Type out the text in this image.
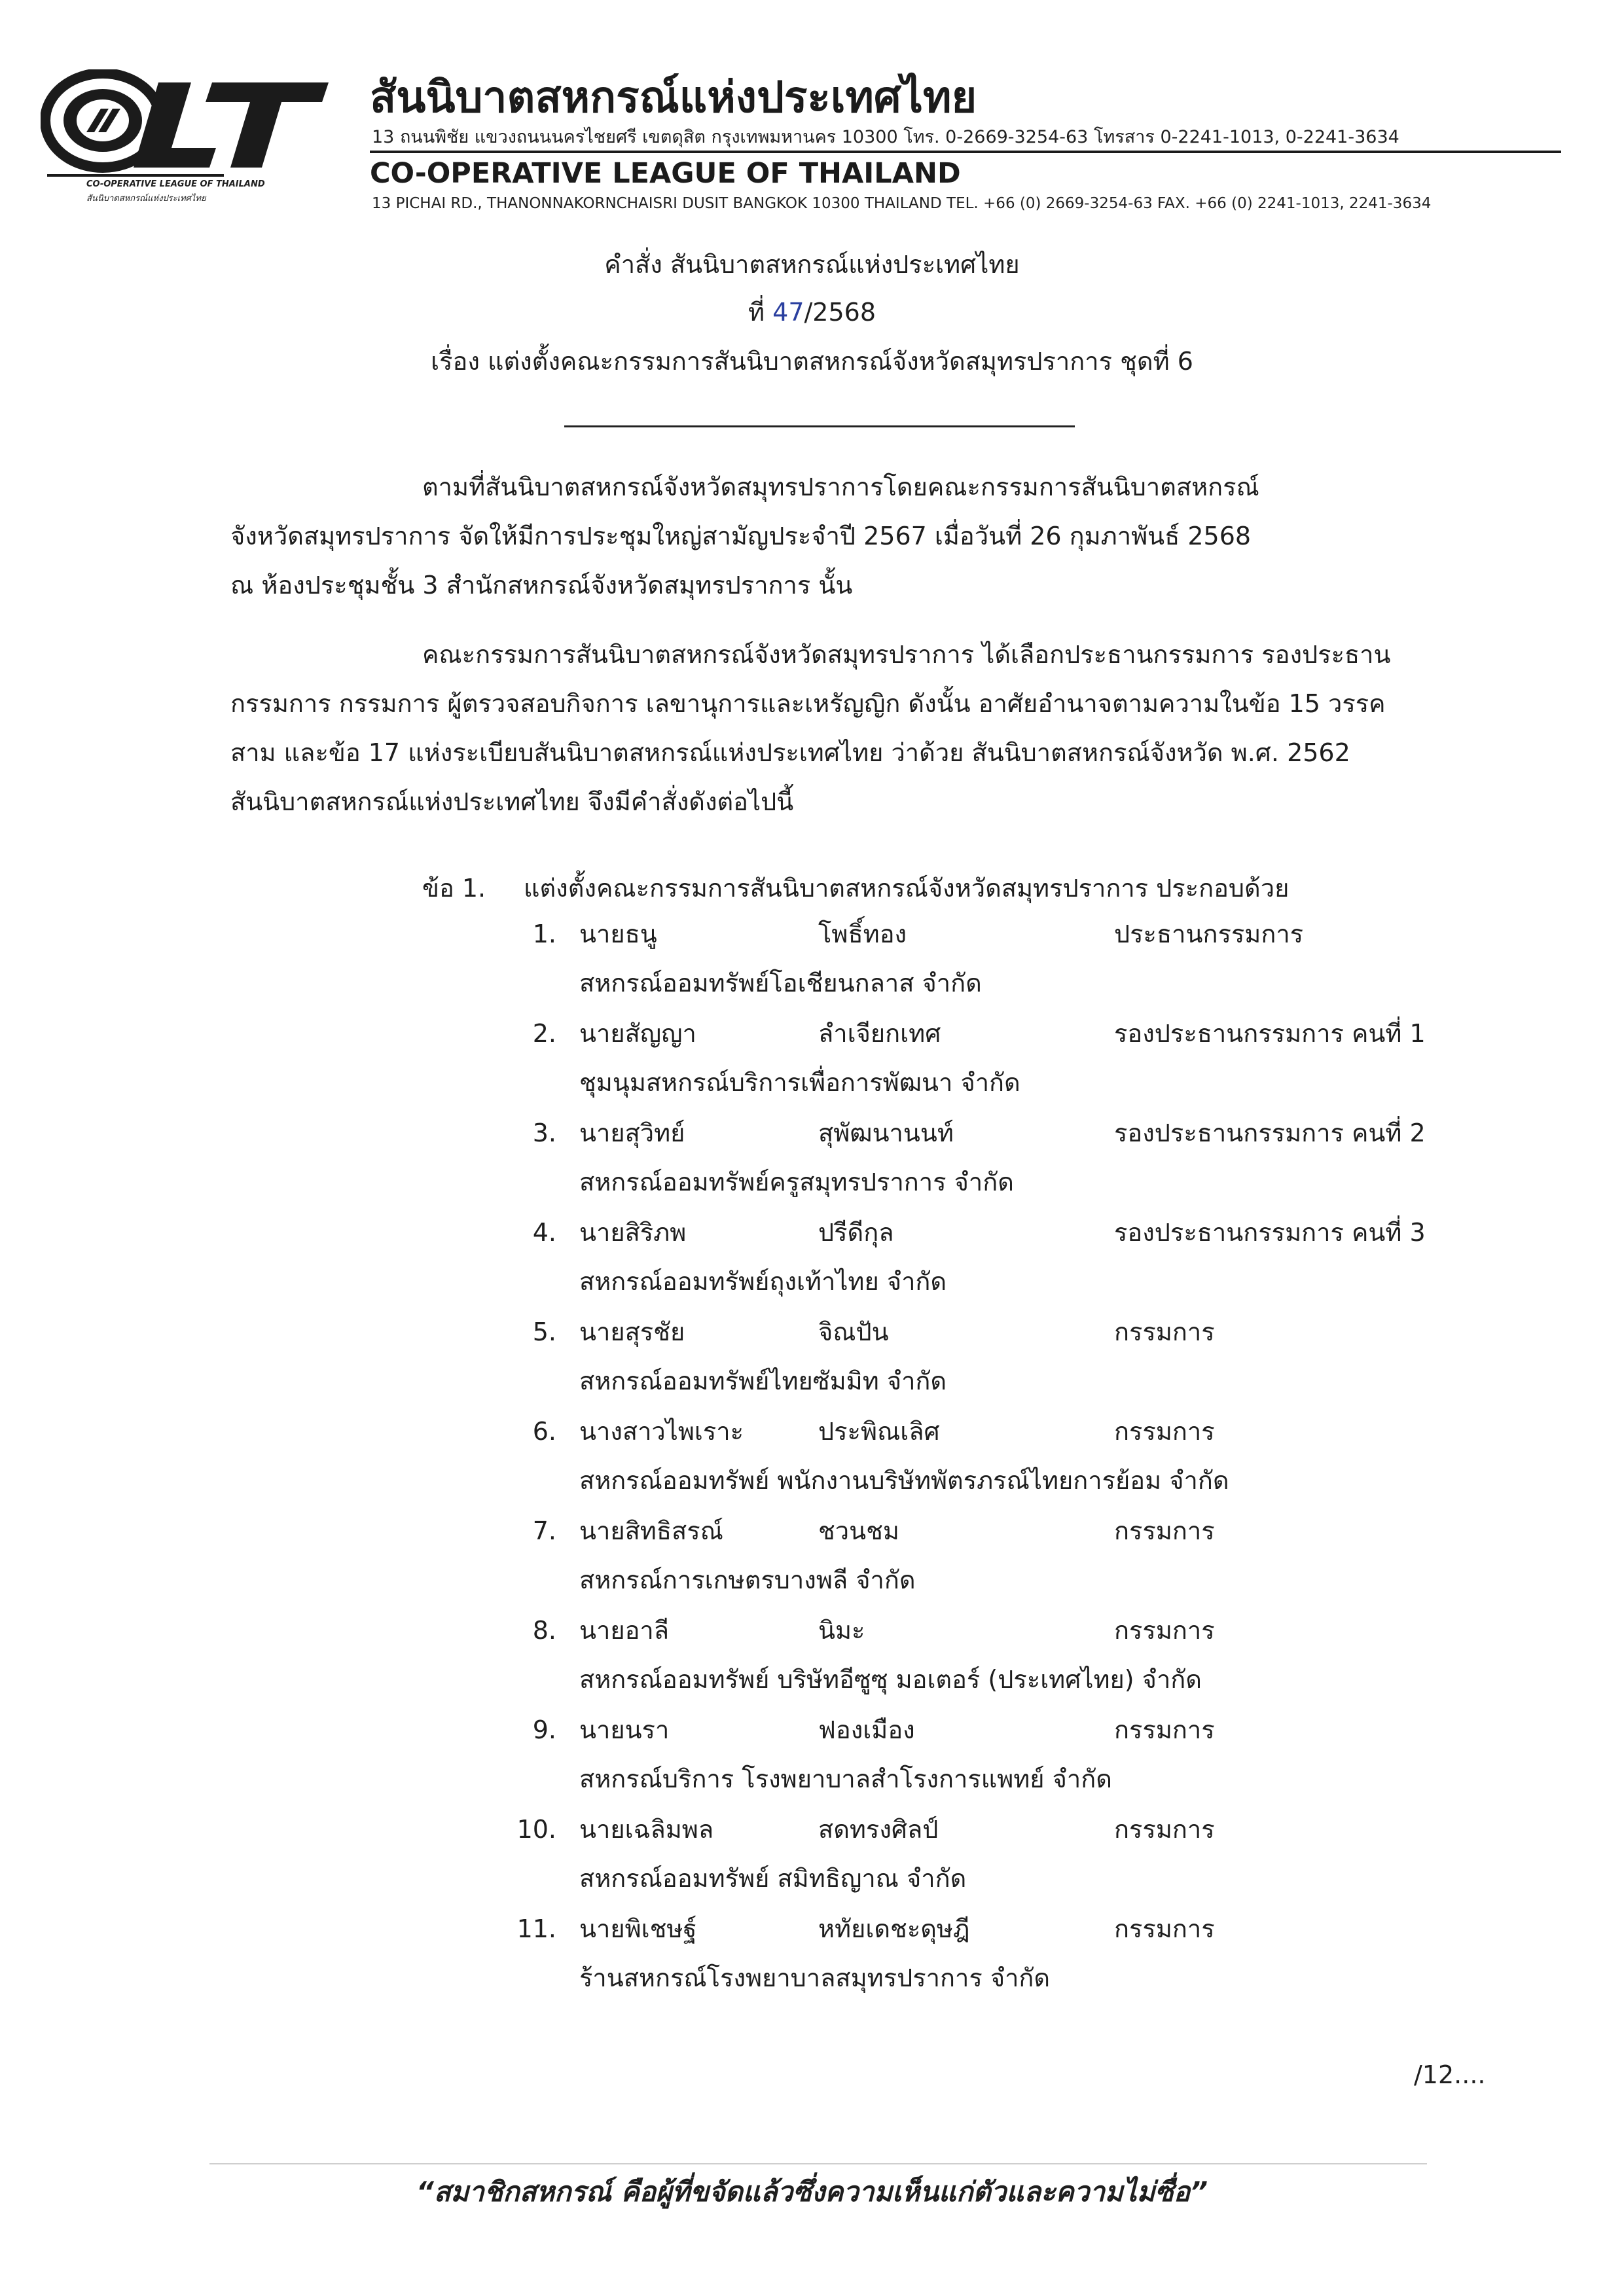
CO-OPERATIVE LEAGUE OF THAILAND
สันนิบาตสหกรณ์แห่งประเทศไทย
สันนิบาตสหกรณ์แห่งประเทศไทย
13 ถนนพิชัย แขวงถนนนครไชยศรี เขตดุสิต กรุงเทพมหานคร 10300 โทร. 0-2669-3254-63 โทรสาร 0-2241-1013, 0-2241-3634
CO-OPERATIVE LEAGUE OF THAILAND
13 PICHAI RD., THANONNAKORNCHAISRI DUSIT BANGKOK 10300 THAILAND TEL. +66 (0) 2669-3254-63 FAX. +66 (0) 2241-1013, 2241-3634
คำสั่ง สันนิบาตสหกรณ์แห่งประเทศไทย
ที่ 47/2568
เรื่อง แต่งตั้งคณะกรรมการสันนิบาตสหกรณ์จังหวัดสมุทรปราการ ชุดที่ 6
ตามที่สันนิบาตสหกรณ์จังหวัดสมุทรปราการโดยคณะกรรมการสันนิบาตสหกรณ์
จังหวัดสมุทรปราการ จัดให้มีการประชุมใหญ่สามัญประจำปี 2567 เมื่อวันที่ 26 กุมภาพันธ์ 2568
ณ ห้องประชุมชั้น 3 สำนักสหกรณ์จังหวัดสมุทรปราการ นั้น
คณะกรรมการสันนิบาตสหกรณ์จังหวัดสมุทรปราการ ได้เลือกประธานกรรมการ รองประธาน
กรรมการ กรรมการ ผู้ตรวจสอบกิจการ เลขานุการและเหรัญญิก ดังนั้น อาศัยอำนาจตามความในข้อ 15 วรรค
สาม และข้อ 17 แห่งระเบียบสันนิบาตสหกรณ์แห่งประเทศไทย ว่าด้วย สันนิบาตสหกรณ์จังหวัด พ.ศ. 2562
สันนิบาตสหกรณ์แห่งประเทศไทย จึงมีคำสั่งดังต่อไปนี้
ข้อ 1. แต่งตั้งคณะกรรมการสันนิบาตสหกรณ์จังหวัดสมุทรปราการ ประกอบด้วย
1. นายธนู	โพธิ์ทอง	ประธานกรรมการ
สหกรณ์ออมทรัพย์โอเชียนกลาส จำกัด
2. นายสัญญา	ลำเจียกเทศ	รองประธานกรรมการ คนที่ 1
ชุมนุมสหกรณ์บริการเพื่อการพัฒนา จำกัด
3. นายสุวิทย์	สุพัฒนานนท์	รองประธานกรรมการ คนที่ 2
สหกรณ์ออมทรัพย์ครูสมุทรปราการ จำกัด
4. นายสิริภพ	ปรีดีกุล	รองประธานกรรมการ คนที่ 3
สหกรณ์ออมทรัพย์ถุงเท้าไทย จำกัด
5. นายสุรชัย	จิณปัน	กรรมการ
สหกรณ์ออมทรัพย์ไทยซัมมิท จำกัด
6. นางสาวไพเราะ	ประพิณเลิศ	กรรมการ
สหกรณ์ออมทรัพย์ พนักงานบริษัทพัตรภรณ์ไทยการย้อม จำกัด
7. นายสิทธิสรณ์	ชวนชม	กรรมการ
สหกรณ์การเกษตรบางพลี จำกัด
8. นายอาลี	นิมะ	กรรมการ
สหกรณ์ออมทรัพย์ บริษัทอีซูซุ มอเตอร์ (ประเทศไทย) จำกัด
9. นายนรา	ฟองเมือง	กรรมการ
สหกรณ์บริการ โรงพยาบาลสำโรงการแพทย์ จำกัด
10. นายเฉลิมพล	สดทรงศิลป์	กรรมการ
สหกรณ์ออมทรัพย์ สมิทธิญาณ จำกัด
11. นายพิเชษฐ์	หทัยเดชะดุษฎี	กรรมการ
ร้านสหกรณ์โรงพยาบาลสมุทรปราการ จำกัด
/12....
“สมาชิกสหกรณ์ คือผู้ที่ขจัดแล้วซึ่งความเห็นแก่ตัวและความไม่ซื่อ”
